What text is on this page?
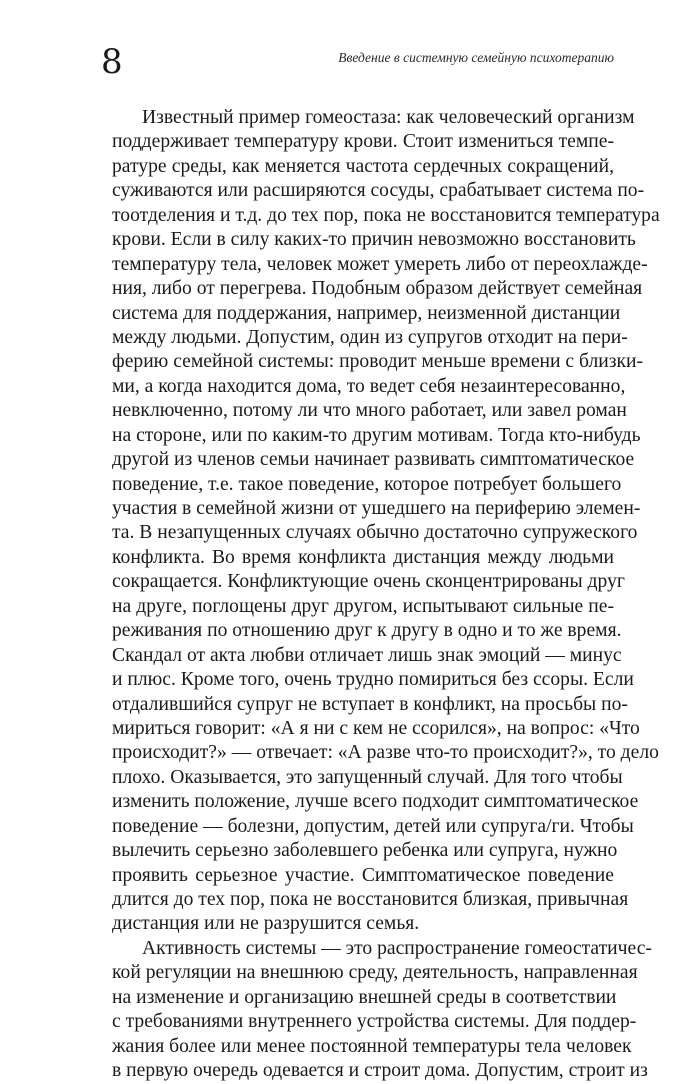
8	Введение в системную семейную психотерапию
Известный пример гомеостаза: как человеческий организм
поддерживает температуру крови. Стоит измениться темпе-
ратуре среды, как меняется частота сердечных сокращений,
суживаются или расширяются сосуды, срабатывает система по-
тоотделения и т.д. до тех пор, пока не восстановится температура
крови. Если в силу каких-то причин невозможно восстановить
температуру тела, человек может умереть либо от переохлажде-
ния, либо от перегрева. Подобным образом действует семейная
система для поддержания, например, неизменной дистанции
между людьми. Допустим, один из супругов отходит на пери-
ферию семейной системы: проводит меньше времени с близки-
ми, а когда находится дома, то ведет себя незаинтересованно,
невключенно, потому ли что много работает, или завел роман
на стороне, или по каким-то другим мотивам. Тогда кто-нибудь
другой из членов семьи начинает развивать симптоматическое
поведение, т.е. такое поведение, которое потребует большего
участия в семейной жизни от ушедшего на периферию элемен-
та. В незапущенных случаях обычно достаточно супружеского
конфликта. Во время конфликта дистанция между людьми
сокращается. Конфликтующие очень сконцентрированы друг
на друге, поглощены друг другом, испытывают сильные пе-
реживания по отношению друг к другу в одно и то же время.
Скандал от акта любви отличает лишь знак эмоций — минус
и плюс. Кроме того, очень трудно помириться без ссоры. Если
отдалившийся супруг не вступает в конфликт, на просьбы по-
мириться говорит: «А я ни с кем не ссорился», на вопрос: «Что
происходит?» — отвечает: «А разве что-то происходит?», то дело
плохо. Оказывается, это запущенный случай. Для того чтобы
изменить положение, лучше всего подходит симптоматическое
поведение — болезни, допустим, детей или супруга/ги. Чтобы
вылечить серьезно заболевшего ребенка или супруга, нужно
проявить серьезное участие. Симптоматическое поведение
длится до тех пор, пока не восстановится близкая, привычная
дистанция или не разрушится семья.
Активность системы — это распространение гомеостатичес-
кой регуляции на внешнюю среду, деятельность, направленная
на изменение и организацию внешней среды в соответствии
с требованиями внутреннего устройства системы. Для поддер-
жания более или менее постоянной температуры тела человек
в первую очередь одевается и строит дома. Допустим, строит из
